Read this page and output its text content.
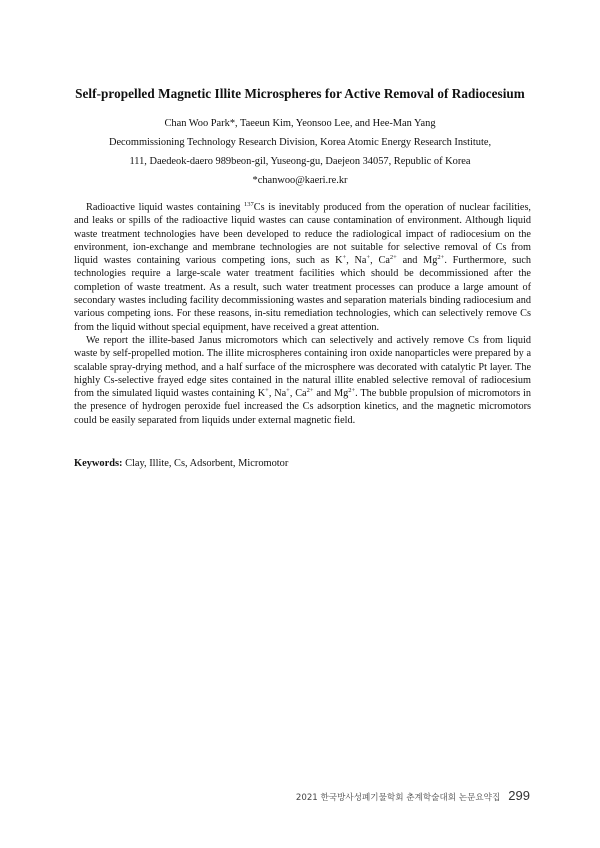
Self-propelled Magnetic Illite Microspheres for Active Removal of Radiocesium
Chan Woo Park*, Taeeun Kim, Yeonsoo Lee, and Hee-Man Yang
Decommissioning Technology Research Division, Korea Atomic Energy Research Institute,
111, Daedeok-daero 989beon-gil, Yuseong-gu, Daejeon 34057, Republic of Korea
*chanwoo@kaeri.re.kr

Radioactive liquid wastes containing $^{137}$Cs is inevitably produced from the operation of nuclear facilities, and leaks or spills of the radioactive liquid wastes can cause contamination of environment. Although liquid waste treatment technologies have been developed to reduce the radiological impact of radiocesium on the environment, ion-exchange and membrane technologies are not suitable for selective removal of Cs from liquid wastes containing various competing ions, such as K+, Na+, $Ca^{2+}$ and $Mg^{2+}$. Furthermore, such technologies require a large-scale water treatment facilities which should be decommissioned after the completion of waste treatment. As a result, such water treatment processes can produce a large amount of secondary wastes including facility decommissioning wastes and separation materials binding radiocesium and various competing ions. For these reasons, in-situ remediation technologies, which can selectively remove Cs from the liquid without special equipment, have received a great attention.

We report the illite-based Janus micromotors which can selectively and actively remove Cs from liquid waste by self-propelled motion. The illite microspheres containing iron oxide nanoparticles were prepared by a scalable spray-drying method, and a half surface of the microsphere was decorated with catalytic Pt layer. The highly Cs-selective frayed edge sites contained in the natural illite enabled selective removal of radiocesium from the simulated liquid wastes containing K+, Na+, $Ca^{2+}$ and $Mg^{2+}$. The bubble propulsion of micromotors in the presence of hydrogen peroxide fuel increased the Cs adsorption kinetics, and the magnetic micromotors could be easily separated from liquids under external magnetic field.

Keywords: Clay, Illite, Cs, Adsorbent, Micromotor
2021 한국방사성폐기물학회 춘계학술대회 논문요약집 299
